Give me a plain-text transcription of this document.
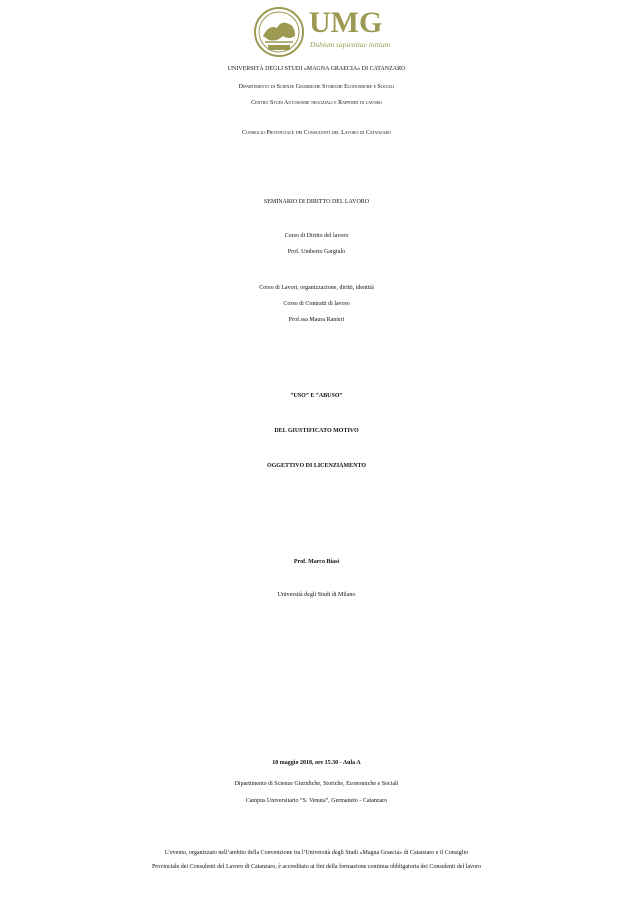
UMG
Dubium sapientiae initium
UNIVERSITÀ DEGLI STUDI «MAGNA GRAECIA» DI CATANZARO
Dipartimento di Scienze Giuridiche Storiche Economiche e Sociali
Centro Studi Autonomie negoziali e Rapporti di lavoro
Consiglio Provinciale dei Consulenti del Lavoro di Catanzaro
SEMINARIO DI DIRITTO DEL LAVORO
Corso di Diritto del lavoro
Prof. Umberto Gargiulo
Corso di Lavori, organizzazione, diritti, identità
Corso di Contratti di lavoro
Prof.ssa Maura Ranieri
“USO” E “ABUSO”
DEL GIUSTIFICATO MOTIVO
OGGETTIVO DI LICENZIAMENTO
Prof. Marco Biasi
Università degli Studi di Milano
10 maggio 2018, ore 15.30 - Aula A
Dipartimento di Scienze Giuridiche, Storiche, Economiche e Sociali
Campus Universitario “S. Venuta”, Germaneto - Catanzaro
L’evento, organizzato nell’ambito della Convenzione tra l’Università degli Studi «Magna Graecia» di Catanzaro e il Consiglio
Provinciale dei Consulenti del Lavoro di Catanzaro, è accreditato ai fini della formazione continua obbligatoria dei Consulenti del lavoro
